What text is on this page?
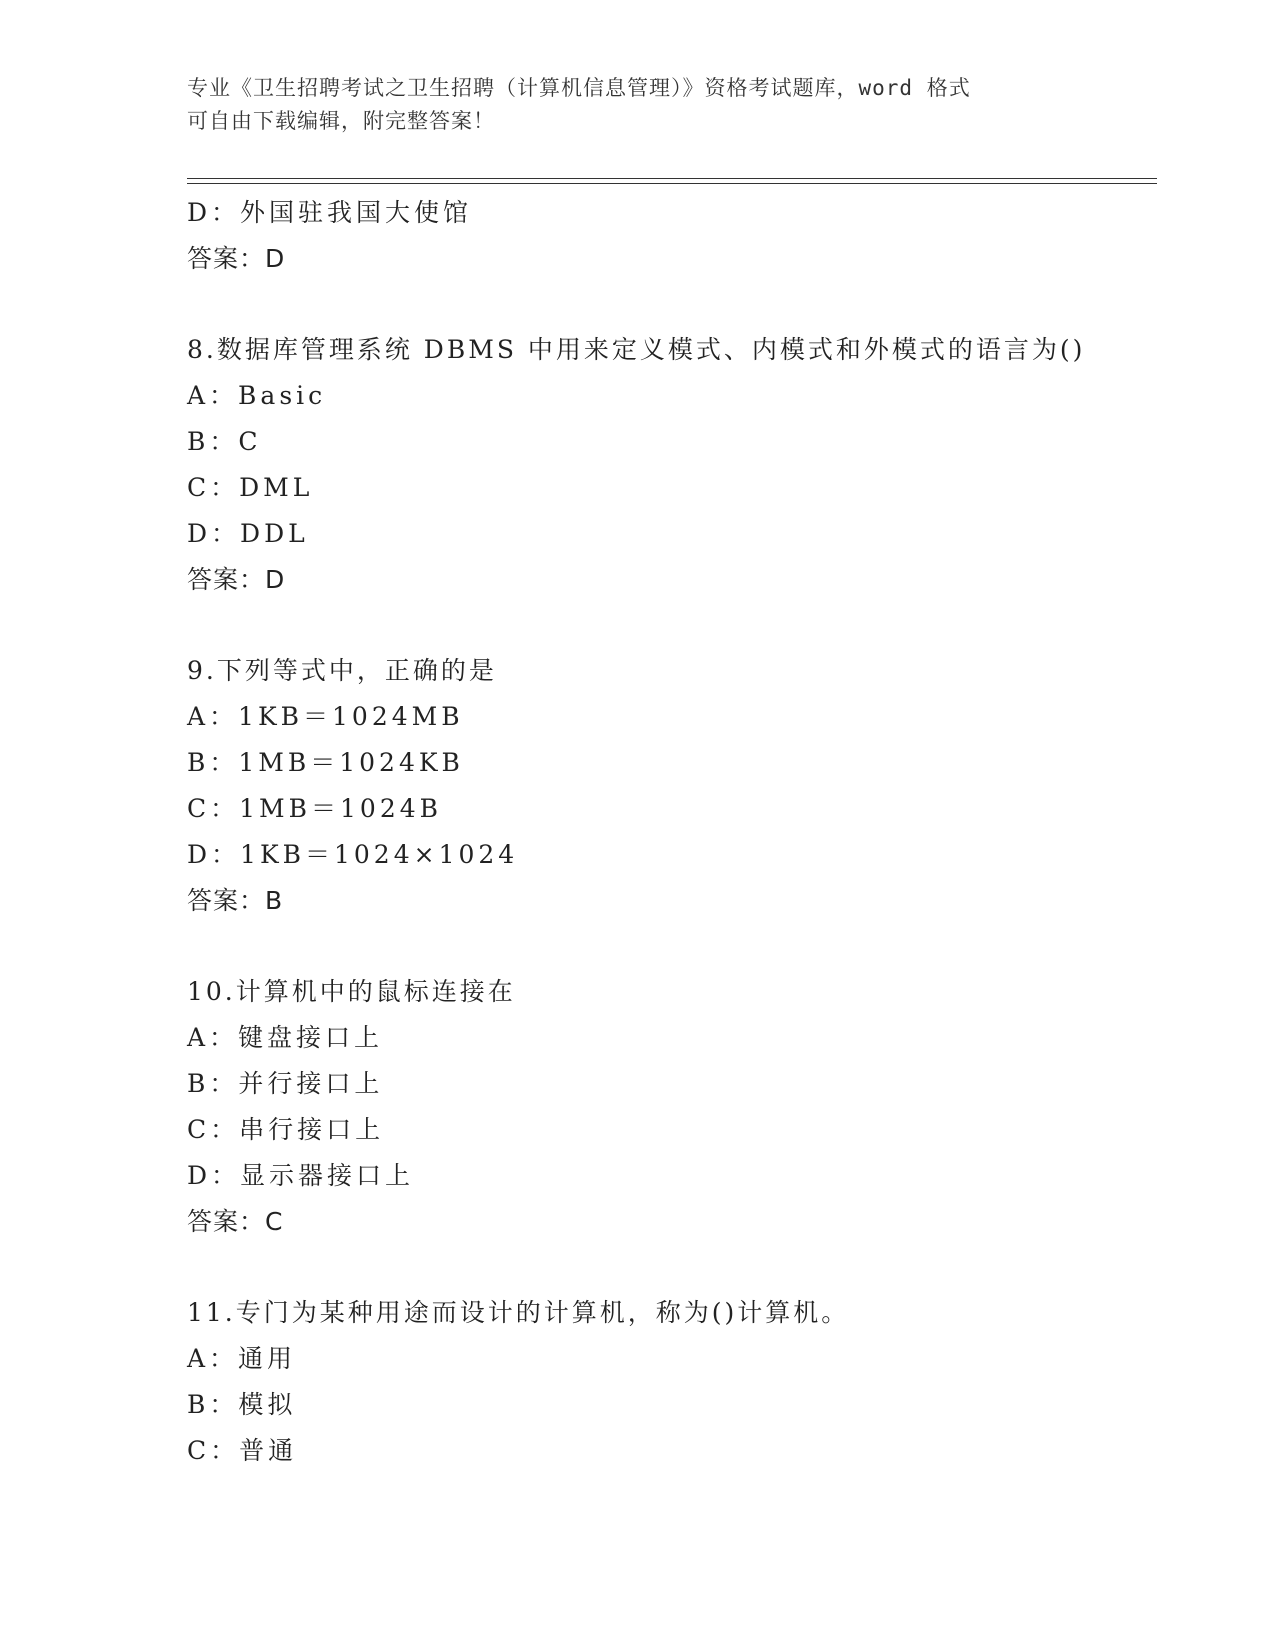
专业《卫生招聘考试之卫生招聘（计算机信息管理）》资格考试题库，word 格式
可自由下载编辑，附完整答案！
D：外国驻我国大使馆
答案：D
8.数据库管理系统 DBMS 中用来定义模式、内模式和外模式的语言为()
A：Basic
B：C
C：DML
D：DDL
答案：D
9.下列等式中，正确的是
A：1KB＝1024MB
B：1MB＝1024KB
C：1MB＝1024B
D：1KB＝1024×1024
答案：B
10.计算机中的鼠标连接在
A：键盘接口上
B：并行接口上
C：串行接口上
D：显示器接口上
答案：C
11.专门为某种用途而设计的计算机，称为()计算机。
A：通用
B：模拟
C：普通
